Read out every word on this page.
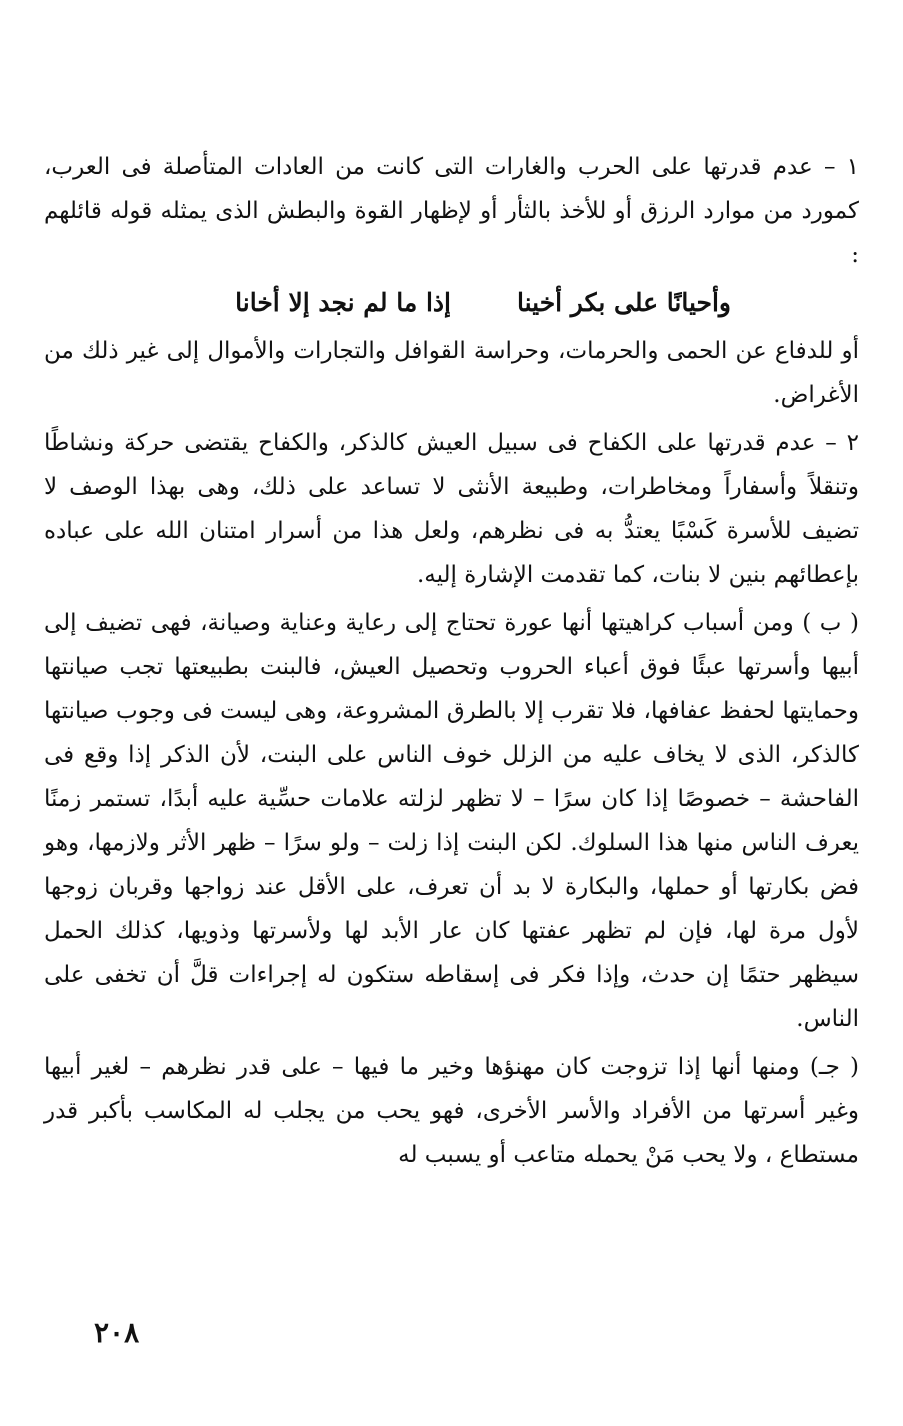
١ – عدم قدرتها على الحرب والغارات التى كانت من العادات المتأصلة فى العرب، كمورد من موارد الرزق أو للأخذ بالثأر أو لإظهار القوة والبطش الذى يمثله قوله قائلهم :

وأحيانًا على بكر أخينا
إذا ما لم نجد إلا أخانا

أو للدفاع عن الحمى والحرمات، وحراسة القوافل والتجارات والأموال إلى غير ذلك من الأغراض.

٢ – عدم قدرتها على الكفاح فى سبيل العيش كالذكر، والكفاح يقتضى حركة ونشاطًا وتنقلاً وأسفاراً ومخاطرات، وطبيعة الأنثى لا تساعد على ذلك، وهى بهذا الوصف لا تضيف للأسرة كَسْبًا يعتدُّ به فى نظرهم، ولعل هذا من أسرار امتنان الله على عباده بإعطائهم بنين لا بنات، كما تقدمت الإشارة إليه.

( ب ) ومن أسباب كراهيتها أنها عورة تحتاج إلى رعاية وعناية وصيانة، فهى تضيف إلى أبيها وأسرتها عبئًا فوق أعباء الحروب وتحصيل العيش، فالبنت بطبيعتها تجب صيانتها وحمايتها لحفظ عفافها، فلا تقرب إلا بالطرق المشروعة، وهى ليست فى وجوب صيانتها كالذكر، الذى لا يخاف عليه من الزلل خوف الناس على البنت، لأن الذكر إذا وقع فى الفاحشة – خصوصًا إذا كان سرًا – لا تظهر لزلته علامات حسِّية عليه أبدًا، تستمر زمنًا يعرف الناس منها هذا السلوك. لكن البنت إذا زلت – ولو سرًا – ظهر الأثر ولازمها، وهو فض بكارتها أو حملها، والبكارة لا بد أن تعرف، على الأقل عند زواجها وقربان زوجها لأول مرة لها، فإن لم تظهر عفتها كان عار الأبد لها ولأسرتها وذويها، كذلك الحمل سيظهر حتمًا إن حدث، وإذا فكر فى إسقاطه ستكون له إجراءات قلَّ أن تخفى على الناس.

( جـ) ومنها أنها إذا تزوجت كان مهنؤها وخير ما فيها – على قدر نظرهم – لغير أبيها وغير أسرتها من الأفراد والأسر الأخرى، فهو يحب من يجلب له المكاسب بأكبر قدر مستطاع ، ولا يحب مَنْ يحمله متاعب أو يسبب له

٢٠٨
